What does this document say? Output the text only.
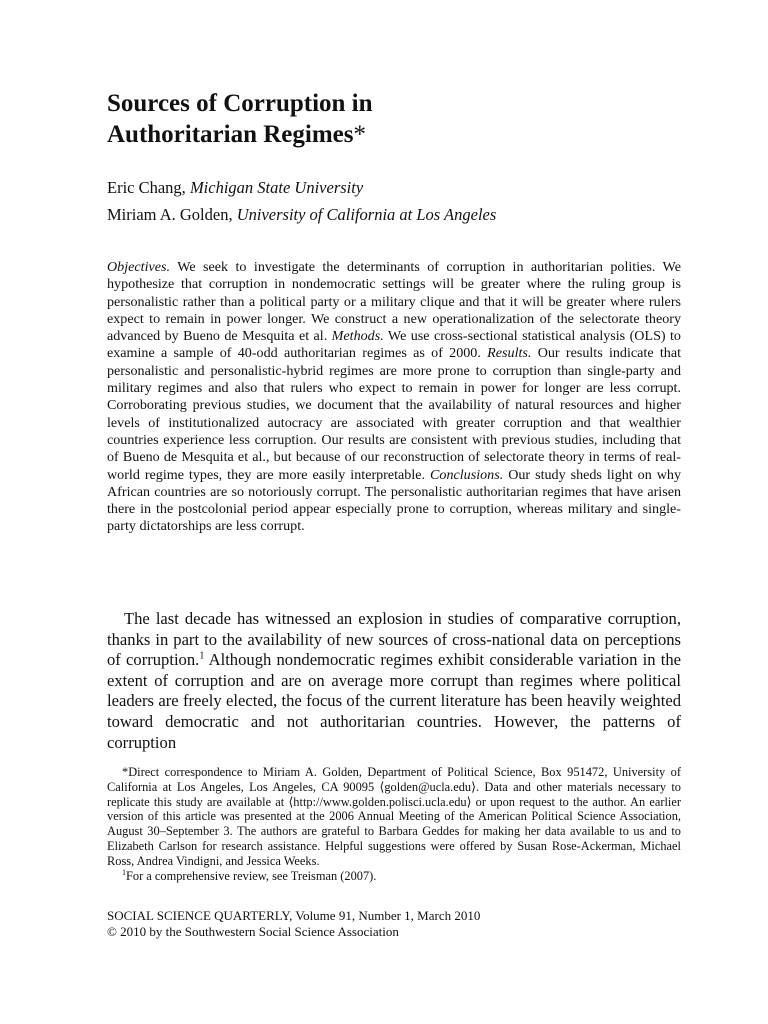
Sources of Corruption in Authoritarian Regimes*
Eric Chang, Michigan State University
Miriam A. Golden, University of California at Los Angeles
Objectives. We seek to investigate the determinants of corruption in authoritarian polities. We hypothesize that corruption in nondemocratic settings will be greater where the ruling group is personalistic rather than a political party or a military clique and that it will be greater where rulers expect to remain in power longer. We construct a new operationalization of the selectorate theory advanced by Bueno de Mesquita et al. Methods. We use cross-sectional statistical analysis (OLS) to examine a sample of 40-odd authoritarian regimes as of 2000. Results. Our results indicate that personalistic and personalistic-hybrid regimes are more prone to corruption than single-party and military regimes and also that rulers who expect to remain in power for longer are less corrupt. Corroborating previous studies, we document that the availability of natural resources and higher levels of institutionalized autocracy are associated with greater corruption and that wealthier countries experience less corruption. Our results are consistent with previous studies, including that of Bueno de Mesquita et al., but because of our reconstruction of selectorate theory in terms of real-world regime types, they are more easily interpretable. Conclusions. Our study sheds light on why African countries are so notoriously corrupt. The personalistic authoritarian regimes that have arisen there in the postcolonial period appear especially prone to corruption, whereas military and single-party dictatorships are less corrupt.
The last decade has witnessed an explosion in studies of comparative corruption, thanks in part to the availability of new sources of cross-national data on perceptions of corruption.$^1$ Although nondemocratic regimes exhibit considerable variation in the extent of corruption and are on average more corrupt than regimes where political leaders are freely elected, the focus of the current literature has been heavily weighted toward democratic and not authoritarian countries. However, the patterns of corruption

*Direct correspondence to Miriam A. Golden, Department of Political Science, Box 951472, University of California at Los Angeles, Los Angeles, CA 90095 ⟨golden@ucla.edu⟩. Data and other materials necessary to replicate this study are available at ⟨http://www.golden.polisci.ucla.edu⟩ or upon request to the author. An earlier version of this article was presented at the 2006 Annual Meeting of the American Political Science Association, August 30–September 3. The authors are grateful to Barbara Geddes for making her data available to us and to Elizabeth Carlson for research assistance. Helpful suggestions were offered by Susan Rose-Ackerman, Michael Ross, Andrea Vindigni, and Jessica Weeks.

$^1$For a comprehensive review, see Treisman (2007).

SOCIAL SCIENCE QUARTERLY, Volume 91, Number 1, March 2010
© 2010 by the Southwestern Social Science Association
